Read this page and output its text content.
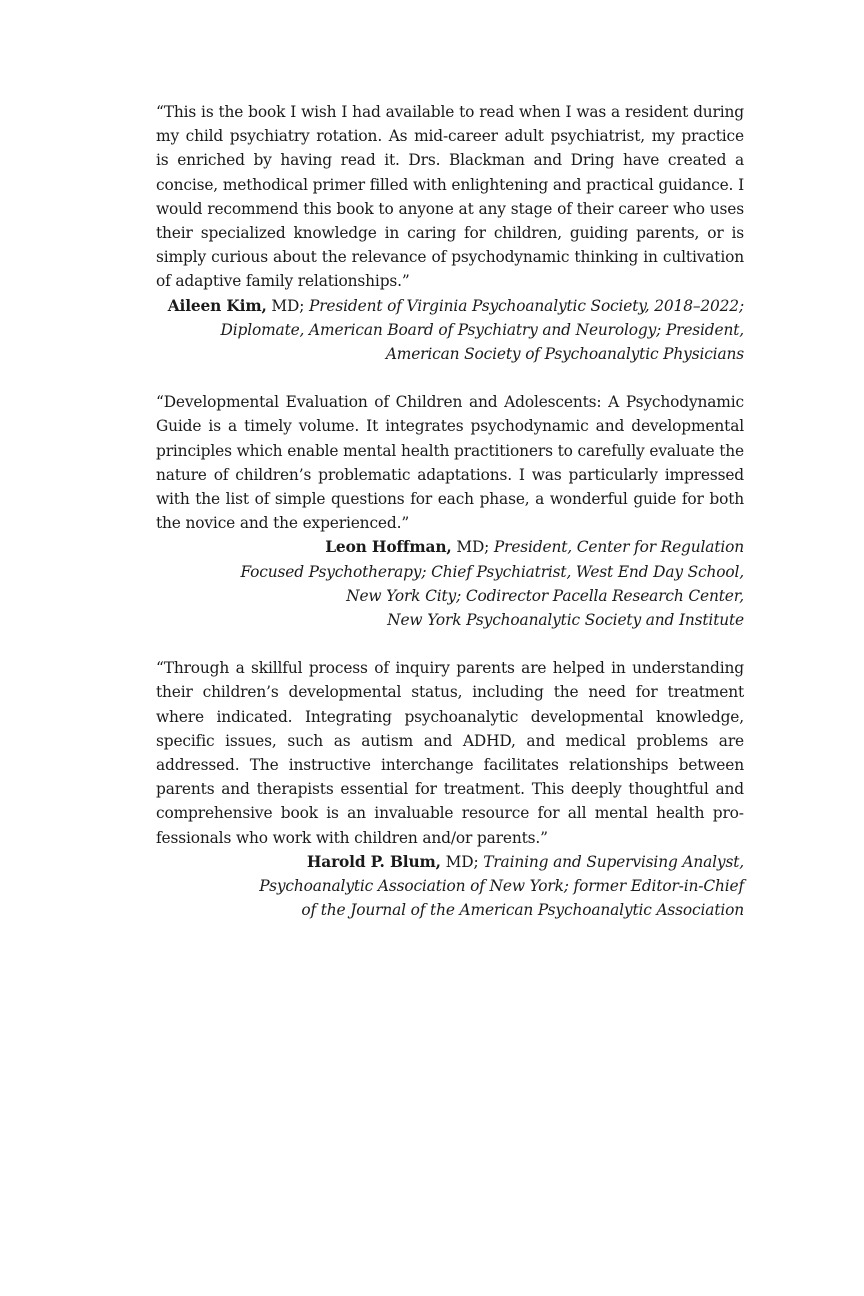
“This is the book I wish I had available to read when I was a resident during my child psychiatry rotation. As mid-career adult psychiatrist, my practice is enriched by having read it. Drs. Blackman and Dring have created a concise, methodical primer filled with enlightening and practical guidance. I would recommend this book to anyone at any stage of their career who uses their specialized knowledge in caring for children, guiding parents, or is simply curious about the relevance of psychodynamic thinking in cultivation of adaptive family relationships.”

Aileen Kim, MD; President of Virginia Psychoanalytic Society, 2018–2022;
Diplomate, American Board of Psychiatry and Neurology; President,
American Society of Psychoanalytic Physicians

“Developmental Evaluation of Children and Adolescents: A Psychodynamic Guide is a timely volume. It integrates psychodynamic and developmental principles which enable mental health practitioners to carefully evaluate the nature of children’s problematic adaptations. I was particularly impressed with the list of simple questions for each phase, a wonderful guide for both the novice and the experienced.”

Leon Hoffman, MD; President, Center for Regulation
Focused Psychotherapy; Chief Psychiatrist, West End Day School,
New York City; Codirector Pacella Research Center,
New York Psychoanalytic Society and Institute

“Through a skillful process of inquiry parents are helped in understanding their children’s developmental status, including the need for treatment where indicated. Integrating psychoanalytic developmental knowledge, specific issues, such as autism and ADHD, and medical problems are addressed. The instructive interchange facilitates relationships between parents and therapists essential for treatment. This deeply thoughtful and comprehensive book is an invaluable resource for all mental health professionals who work with children and/or parents.”

Harold P. Blum, MD; Training and Supervising Analyst,
Psychoanalytic Association of New York; former Editor-in-Chief
of the Journal of the American Psychoanalytic Association
